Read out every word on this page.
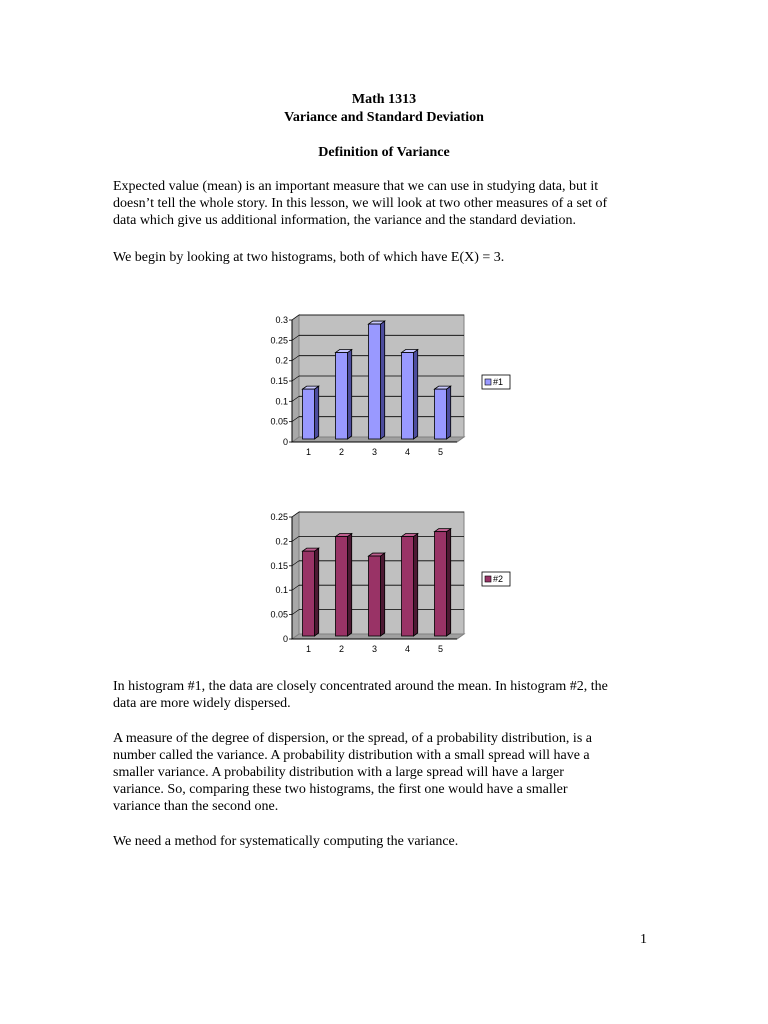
Math 1313
Variance and Standard Deviation
Definition of Variance
Expected value (mean) is an important measure that we can use in studying data, but it
doesn’t tell the whole story. In this lesson, we will look at two other measures of a set of
data which give us additional information, the variance and the standard deviation.
We begin by looking at two histograms, both of which have E(X) = 3.
0
0.05
0.1
0.15
0.2
0.25
0.3
1	2	3	4	5
#1
0
0.05
0.1
0.15
0.2
0.25
1	2	3	4	5
#2
In histogram #1, the data are closely concentrated around the mean. In histogram #2, the
data are more widely dispersed.
A measure of the degree of dispersion, or the spread, of a probability distribution, is a
number called the variance. A probability distribution with a small spread will have a
smaller variance. A probability distribution with a large spread will have a larger
variance. So, comparing these two histograms, the first one would have a smaller
variance than the second one.
We need a method for systematically computing the variance.
1
